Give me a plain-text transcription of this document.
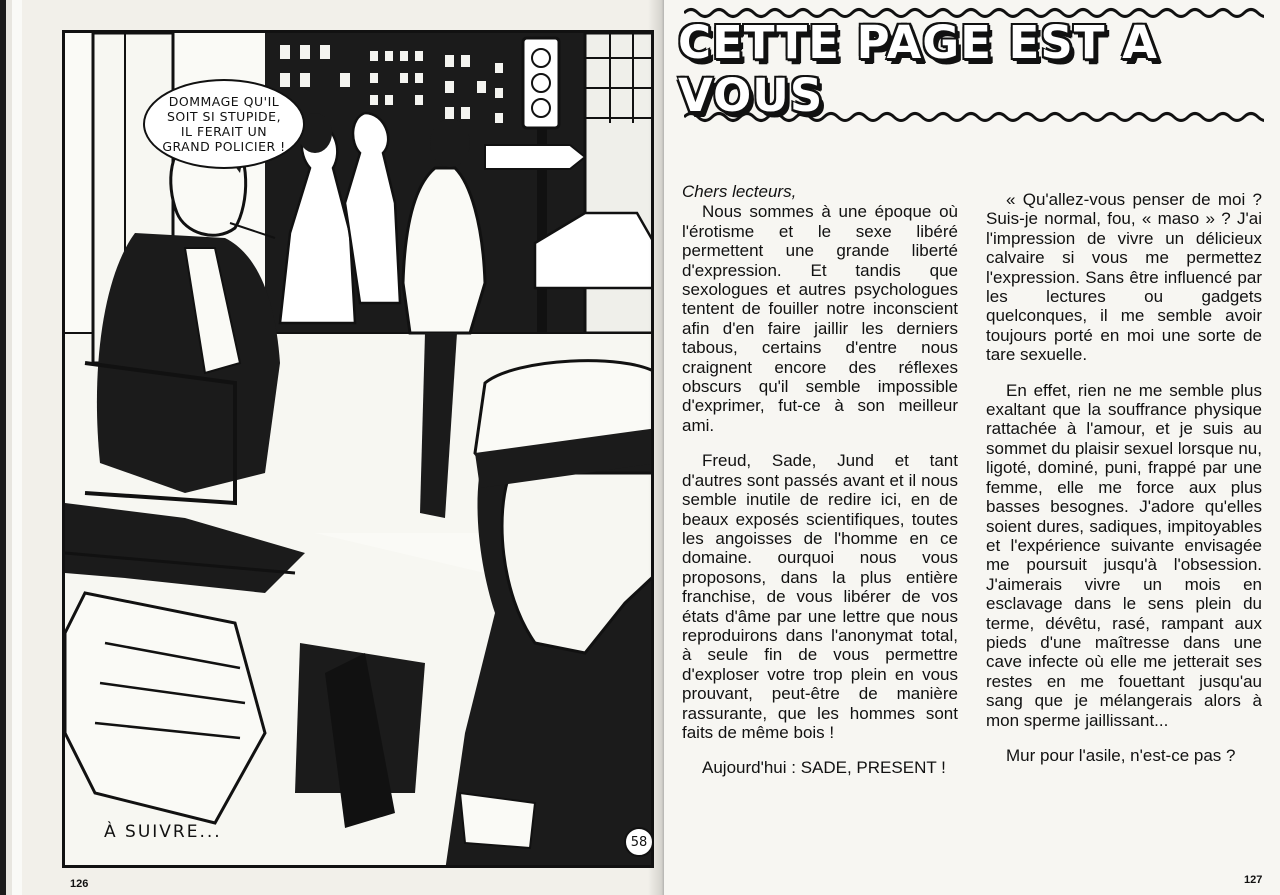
DOMMAGE QU'IL
SOIT SI STUPIDE,
IL FERAIT UN
GRAND POLICIER !
À SUIVRE...	58
126
CETTE PAGE EST A VOUS

Chers lecteurs,

Nous sommes à une époque où l'érotisme et le sexe libéré permettent une grande liberté d'expression. Et tandis que sexologues et autres psychologues tentent de fouiller notre inconscient afin d'en faire jaillir les derniers tabous, certains d'entre nous craignent encore des réflexes obscurs qu'il semble impossible d'exprimer, fut-ce à son meilleur ami.

Freud, Sade, Jund et tant d'autres sont passés avant et il nous semble inutile de redire ici, en de beaux exposés scientifiques, toutes les angoisses de l'homme en ce domaine. ourquoi nous vous proposons, dans la plus entière franchise, de vous libérer de vos états d'âme par une lettre que nous reproduirons dans l'anonymat total, à seule fin de vous permettre d'exploser votre trop plein en vous prouvant, peut-être de manière rassurante, que les hommes sont faits de même bois !

Aujourd'hui : SADE, PRESENT !

« Qu'allez-vous penser de moi ? Suis-je normal, fou, « maso » ? J'ai l'impression de vivre un délicieux calvaire si vous me permettez l'expression. Sans être influencé par les lectures ou gadgets quelconques, il me semble avoir toujours porté en moi une sorte de tare sexuelle.

En effet, rien ne me semble plus exaltant que la souffrance physique rattachée à l'amour, et je suis au sommet du plaisir sexuel lorsque nu, ligoté, dominé, puni, frappé par une femme, elle me force aux plus basses besognes. J'adore qu'elles soient dures, sadiques, impitoyables et l'expérience suivante envisagée me poursuit jusqu'à l'obsession. J'aimerais vivre un mois en esclavage dans le sens plein du terme, dévêtu, rasé, rampant aux pieds d'une maîtresse dans une cave infecte où elle me jetterait ses restes en me fouettant jusqu'au sang que je mélangerais alors à mon sperme jaillissant...

Mur pour l'asile, n'est-ce pas ?

127
